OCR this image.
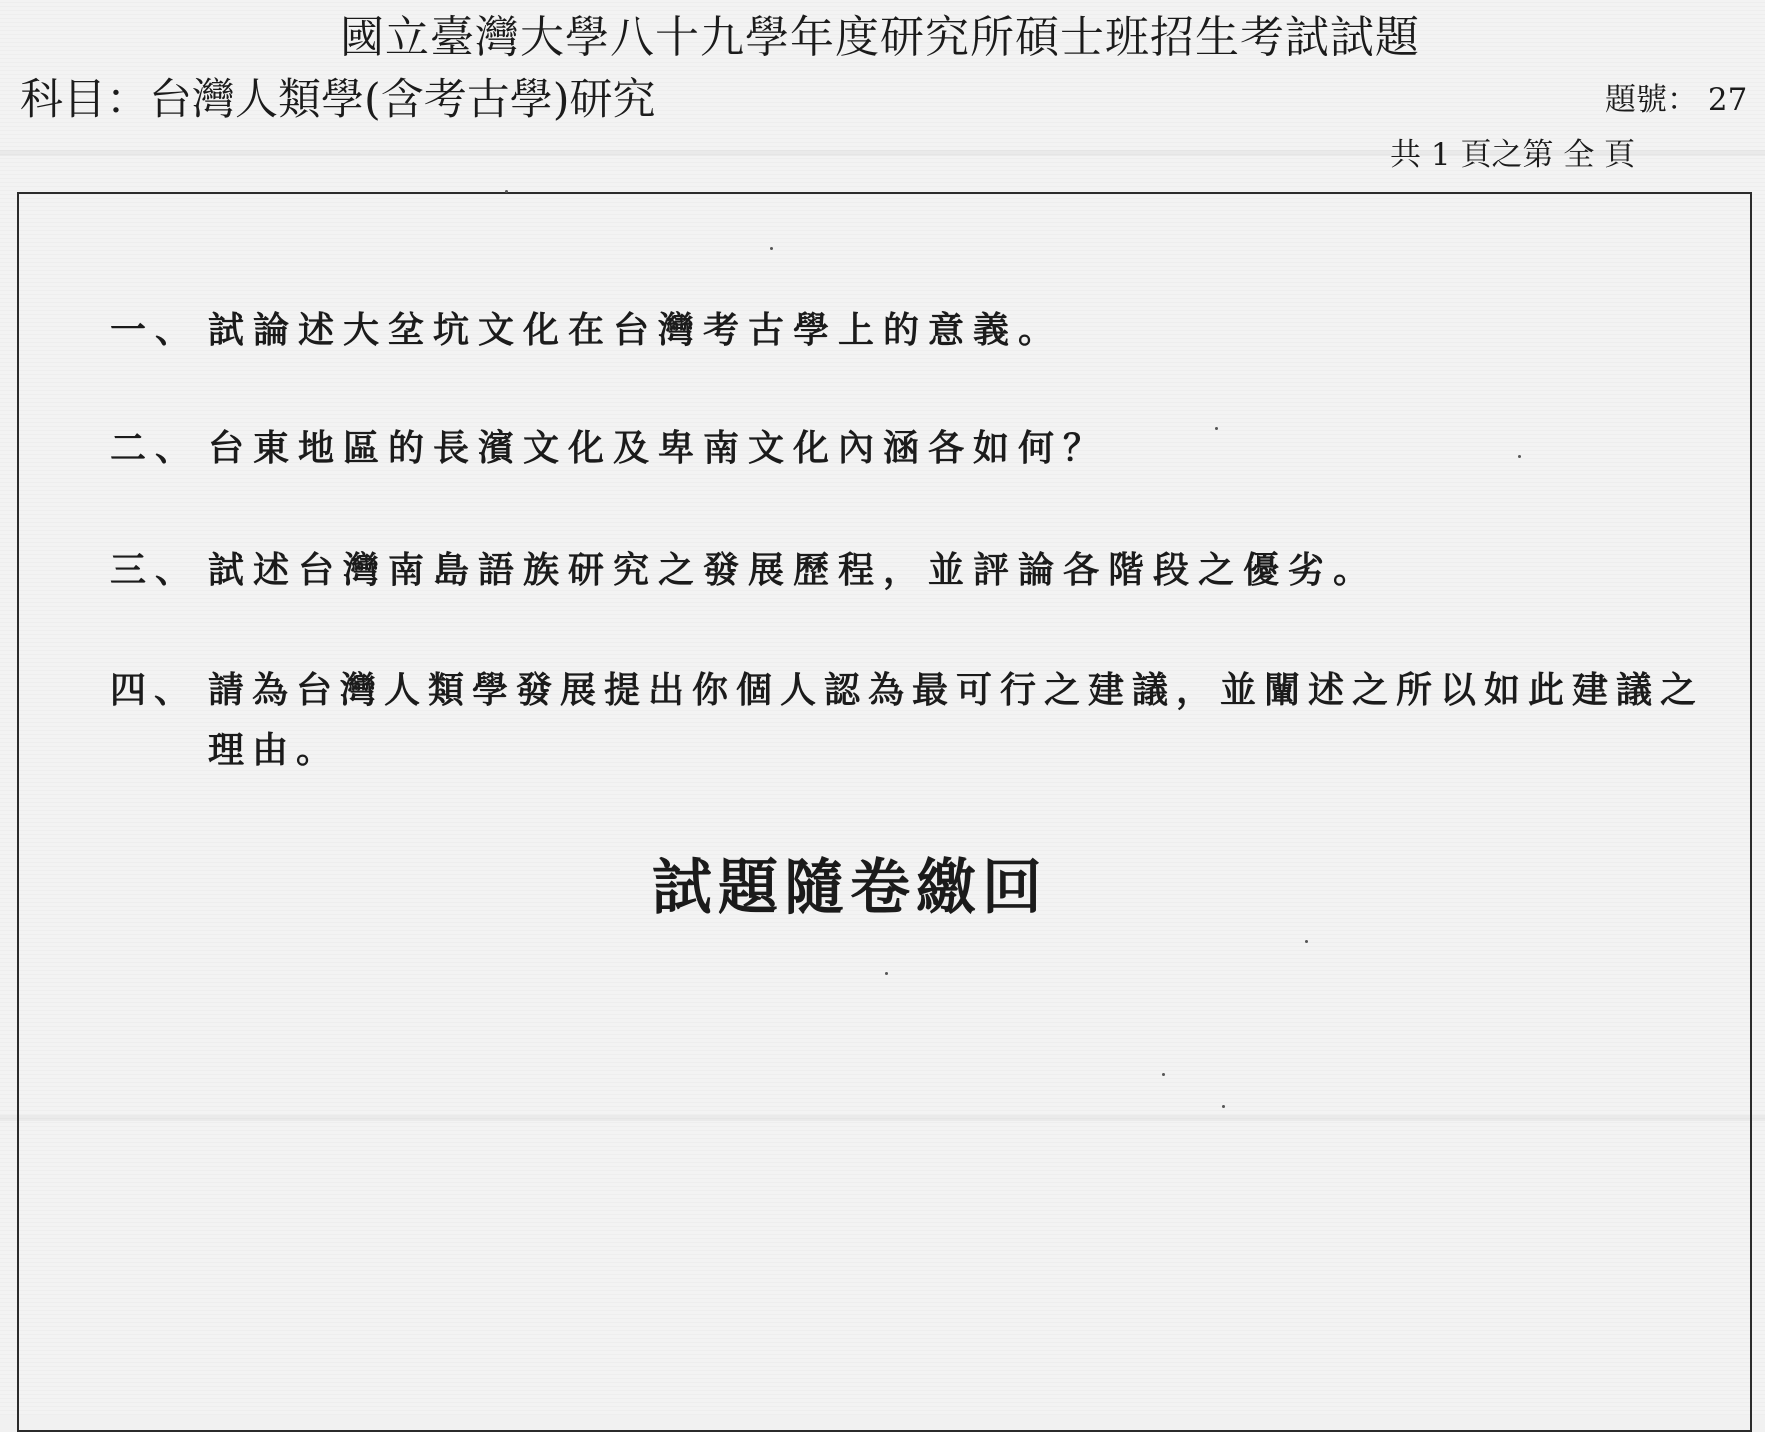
國立臺灣大學八十九學年度研究所碩士班招生考試試題
科目：台灣人類學(含考古學)研究	題號： 27
共 1 頁之第 全 頁
一、 試論述大坌坑文化在台灣考古學上的意義。
二、 台東地區的長濱文化及卑南文化內涵各如何？
三、 試述台灣南島語族研究之發展歷程，並評論各階段之優劣。
四、 請為台灣人類學發展提出你個人認為最可行之建議，並闡述之所以如此建議之
理由。
試題隨卷繳回
